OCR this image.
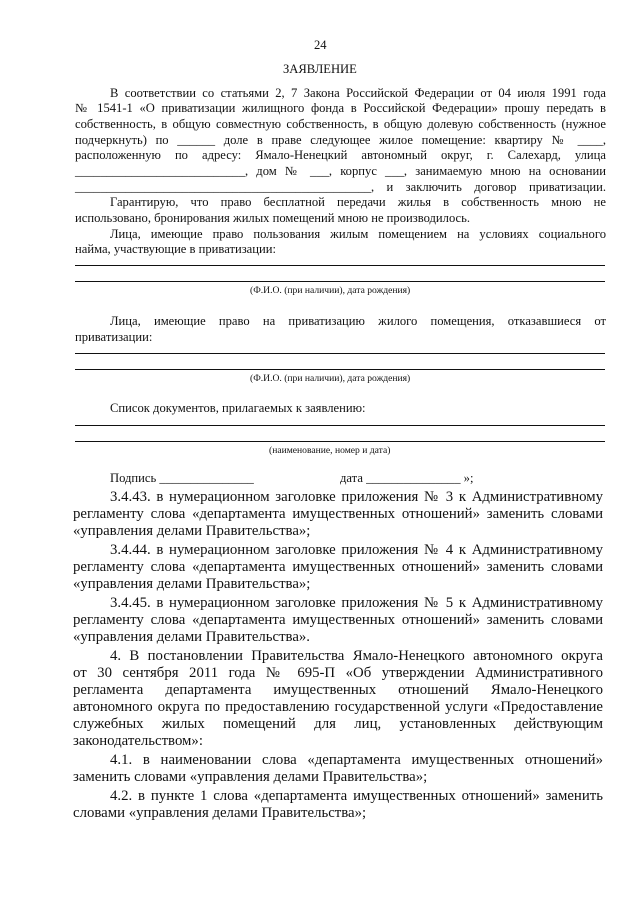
24
ЗАЯВЛЕНИЕ
В соответствии со статьями 2, 7 Закона Российской Федерации от 04 июля 1991 года
№ 1541-1 «О приватизации жилищного фонда в Российской Федерации» прошу передать в
собственность, в общую совместную собственность, в общую долевую собственность (нужное
подчеркнуть) по ______ доле в праве следующее жилое помещение: квартиру № ____,
расположенную по адресу: Ямало-Ненецкий автономный округ, г. Салехард, улица
___________________________, дом № ___, корпус ___, занимаемую мною на основании
_______________________________________________, и заключить договор приватизации.
Гарантирую, что право бесплатной передачи жилья в собственность мною не
использовано, бронирования жилых помещений мною не производилось.
Лица, имеющие право пользования жилым помещением на условиях социального
найма, участвующие в приватизации:
(Ф.И.О. (при наличии), дата рождения)
Лица, имеющие право на приватизацию жилого помещения, отказавшиеся от
приватизации:
(Ф.И.О. (при наличии), дата рождения)
Список документов, прилагаемых к заявлению:
(наименование, номер и дата)
Подпись _______________	дата _______________ »;
3.4.43. в нумерационном заголовке приложения № 3 к Административному
регламенту слова «департамента имущественных отношений» заменить словами
«управления делами Правительства»;
3.4.44. в нумерационном заголовке приложения № 4 к Административному
регламенту слова «департамента имущественных отношений» заменить словами
«управления делами Правительства»;
3.4.45. в нумерационном заголовке приложения № 5 к Административному
регламенту слова «департамента имущественных отношений» заменить словами
«управления делами Правительства».
4. В постановлении Правительства Ямало-Ненецкого автономного округа
от 30 сентября 2011 года № 695-П «Об утверждении Административного
регламента департамента имущественных отношений Ямало-Ненецкого
автономного округа по предоставлению государственной услуги «Предоставление
служебных жилых помещений для лиц, установленных действующим
законодательством»:
4.1. в наименовании слова «департамента имущественных отношений»
заменить словами «управления делами Правительства»;
4.2. в пункте 1 слова «департамента имущественных отношений» заменить
словами «управления делами Правительства»;
